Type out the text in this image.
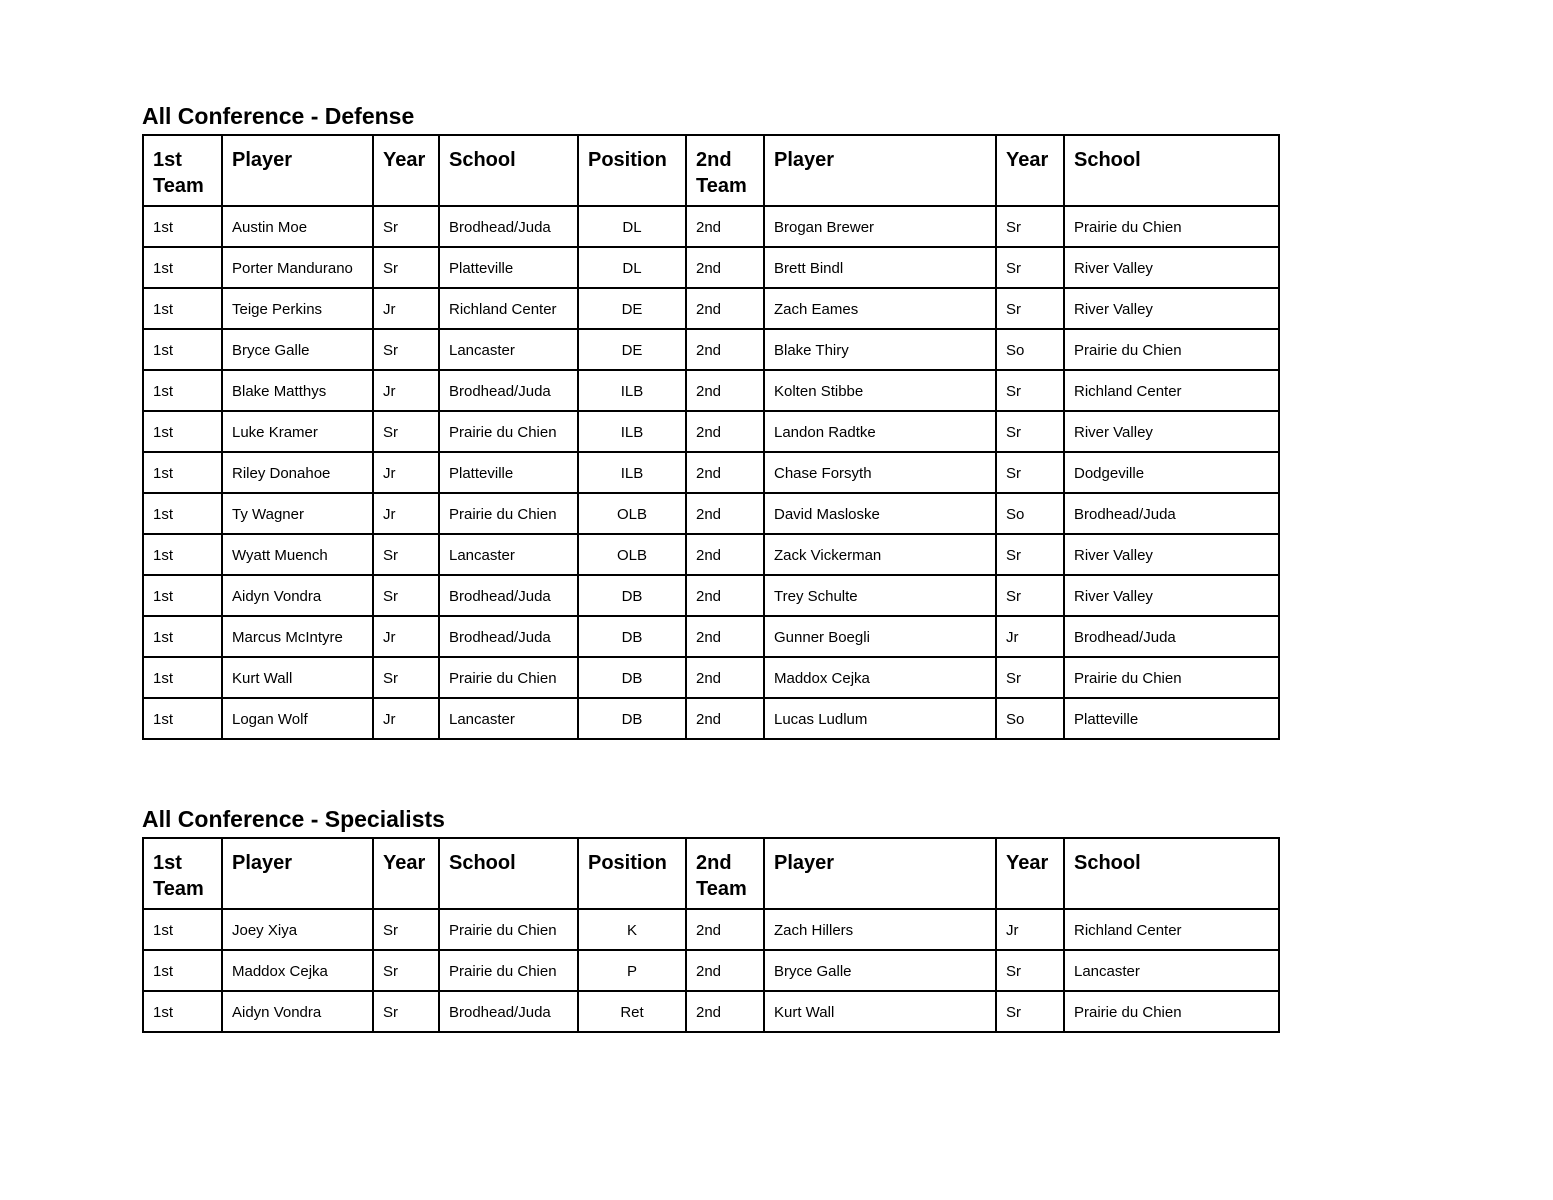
All Conference - Defense
1st Team	Player	Year	School	Position	2nd Team	Player	Year	School
1st	Austin Moe	Sr	Brodhead/Juda	DL	2nd	Brogan Brewer	Sr	Prairie du Chien
1st	Porter Mandurano	Sr	Platteville	DL	2nd	Brett Bindl	Sr	River Valley
1st	Teige Perkins	Jr	Richland Center	DE	2nd	Zach Eames	Sr	River Valley
1st	Bryce Galle	Sr	Lancaster	DE	2nd	Blake Thiry	So	Prairie du Chien
1st	Blake Matthys	Jr	Brodhead/Juda	ILB	2nd	Kolten Stibbe	Sr	Richland Center
1st	Luke Kramer	Sr	Prairie du Chien	ILB	2nd	Landon Radtke	Sr	River Valley
1st	Riley Donahoe	Jr	Platteville	ILB	2nd	Chase Forsyth	Sr	Dodgeville
1st	Ty Wagner	Jr	Prairie du Chien	OLB	2nd	David Masloske	So	Brodhead/Juda
1st	Wyatt Muench	Sr	Lancaster	OLB	2nd	Zack Vickerman	Sr	River Valley
1st	Aidyn Vondra	Sr	Brodhead/Juda	DB	2nd	Trey Schulte	Sr	River Valley
1st	Marcus McIntyre	Jr	Brodhead/Juda	DB	2nd	Gunner Boegli	Jr	Brodhead/Juda
1st	Kurt Wall	Sr	Prairie du Chien	DB	2nd	Maddox Cejka	Sr	Prairie du Chien
1st	Logan Wolf	Jr	Lancaster	DB	2nd	Lucas Ludlum	So	Platteville
All Conference - Specialists
1st Team	Player	Year	School	Position	2nd Team	Player	Year	School
1st	Joey Xiya	Sr	Prairie du Chien	K	2nd	Zach Hillers	Jr	Richland Center
1st	Maddox Cejka	Sr	Prairie du Chien	P	2nd	Bryce Galle	Sr	Lancaster
1st	Aidyn Vondra	Sr	Brodhead/Juda	Ret	2nd	Kurt Wall	Sr	Prairie du Chien
